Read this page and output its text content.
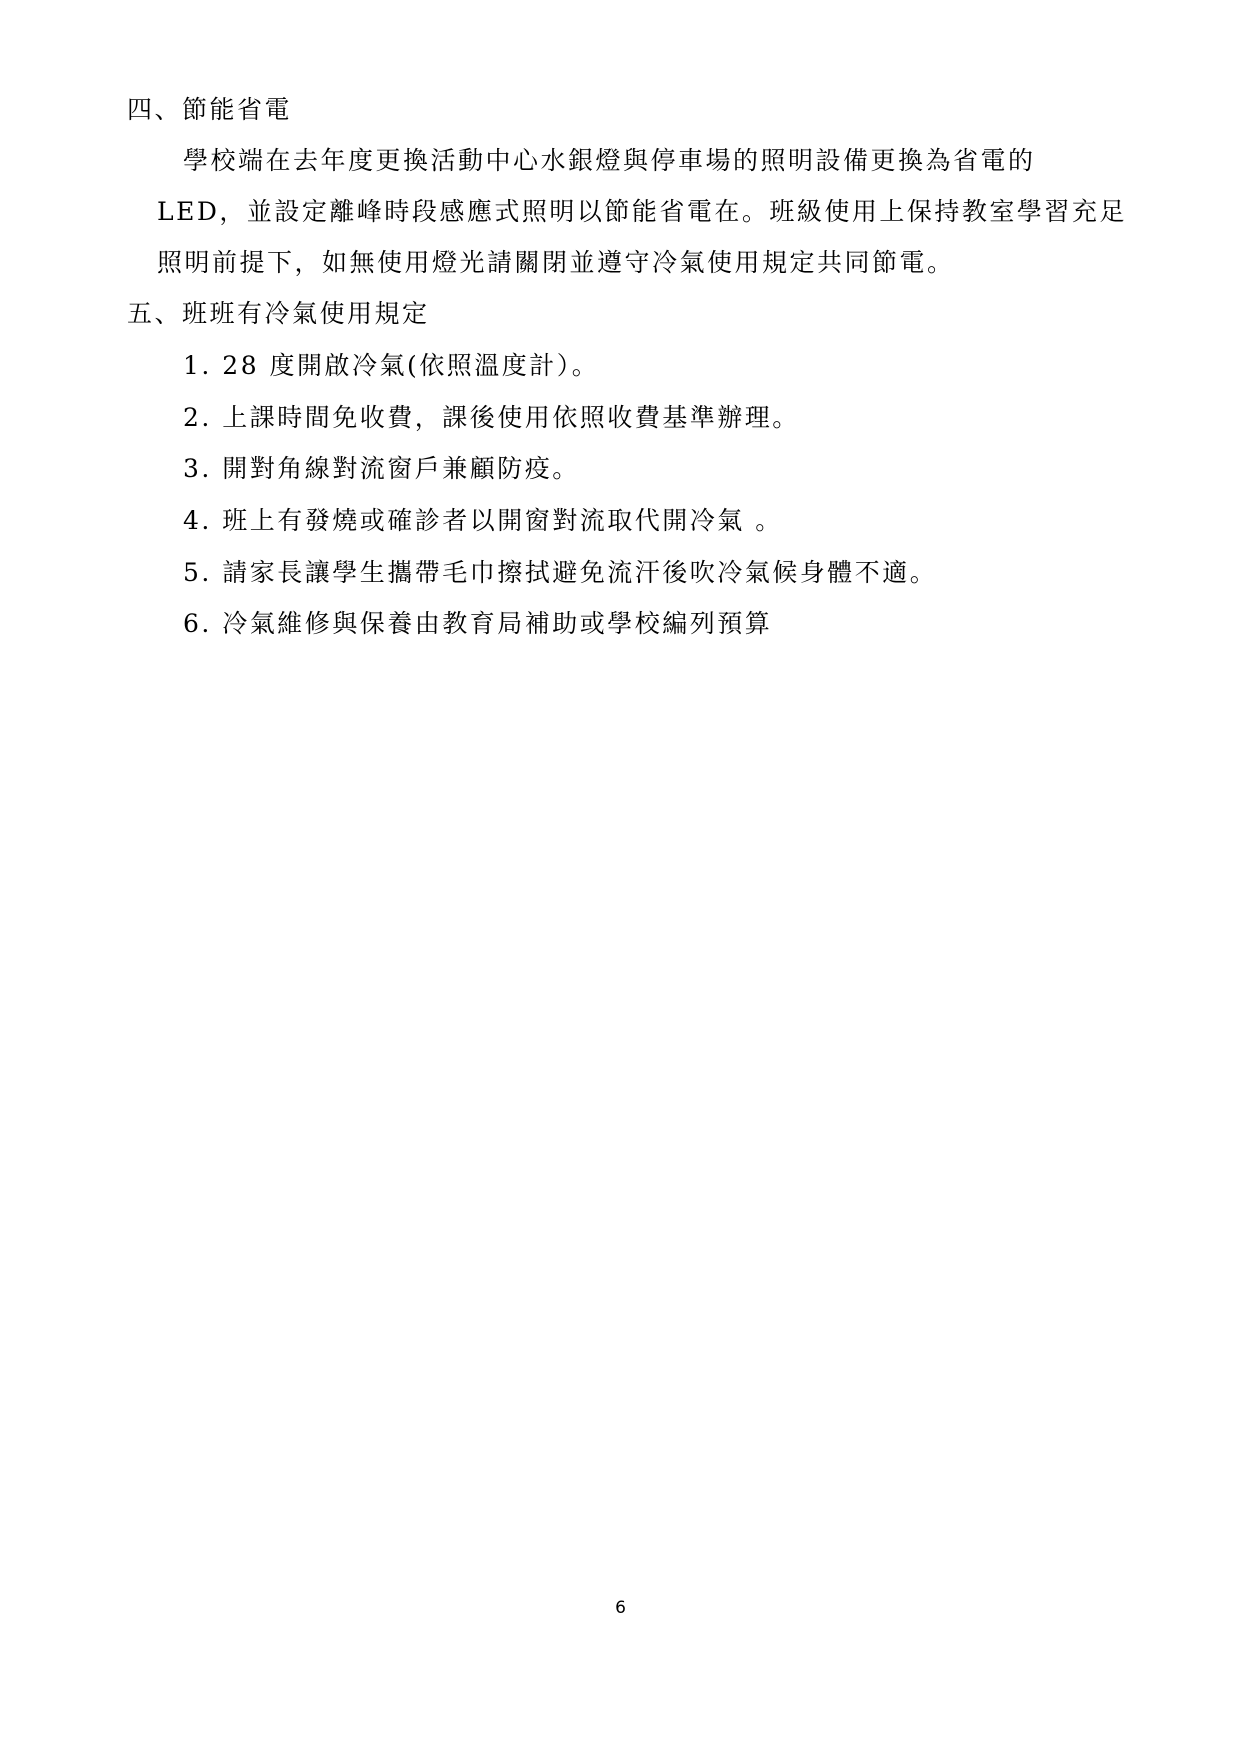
四、節能省電
學校端在去年度更換活動中心水銀燈與停車場的照明設備更換為省電的
LED，並設定離峰時段感應式照明以節能省電在。班級使用上保持教室學習充足
照明前提下，如無使用燈光請關閉並遵守冷氣使用規定共同節電。
五、班班有冷氣使用規定
1. 28 度開啟冷氣(依照溫度計）。
2. 上課時間免收費，課後使用依照收費基準辦理。
3. 開對角線對流窗戶兼顧防疫。
4. 班上有發燒或確診者以開窗對流取代開冷氣 。
5. 請家長讓學生攜帶毛巾擦拭避免流汗後吹冷氣候身體不適。
6. 冷氣維修與保養由教育局補助或學校編列預算
6
